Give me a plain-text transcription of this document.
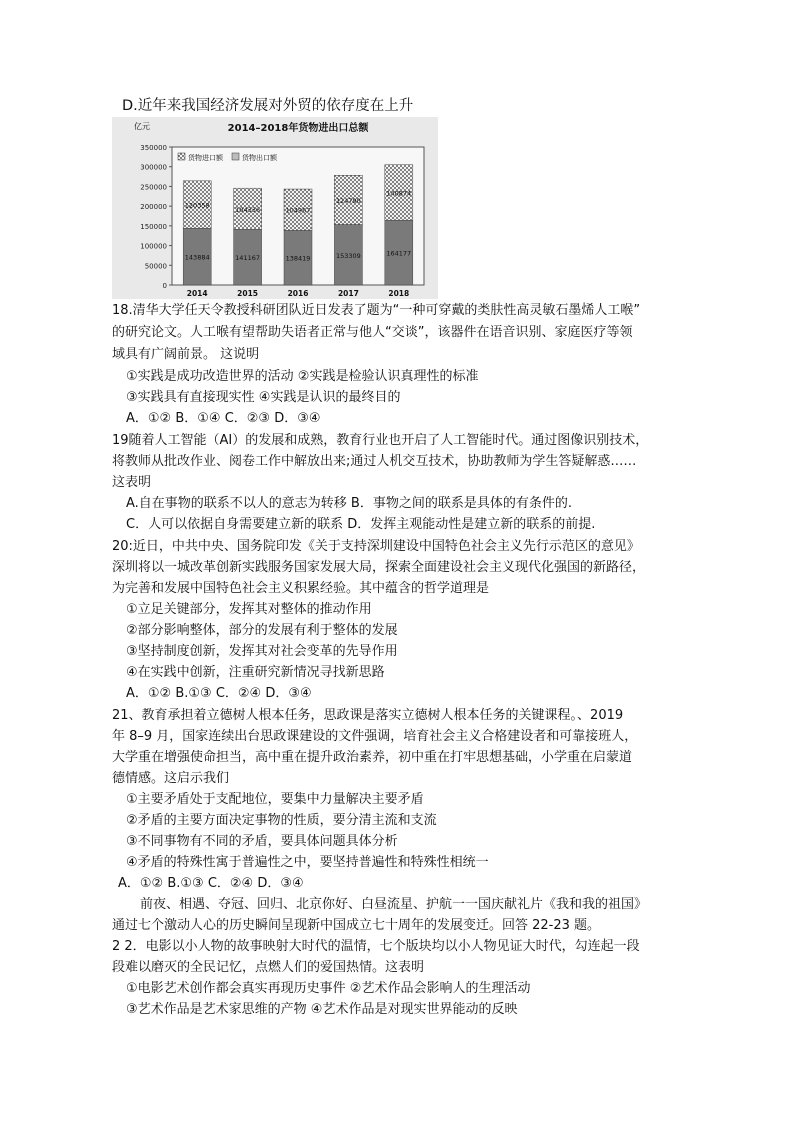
D.近年来我国经济发展对外贸的依存度在上升
2014–2018年货物进出口总额
亿元
0
50000
100000
150000
200000
250000
300000
350000
货物进口额	货物出口额
143884
120358
2014
141167
104336
2015
138419
104967
2016
153309
124790
2017
164177
140874
2018
18.清华大学任天令教授科研团队近日发表了题为“一种可穿戴的类肤性高灵敏石墨烯人工喉”
的研究论文。人工喉有望帮助失语者正常与他人“交谈”，该器件在语音识别、家庭医疗等领
域具有广阔前景。 这说明
①实践是成功改造世界的活动 ②实践是检验认识真理性的标准
③实践具有直接现实性 ④实践是认识的最终目的
A．①② B．①④ C．②③ D．③④
19随着人工智能（AI）的发展和成熟，教育行业也开启了人工智能时代。通过图像识别技术，
将教师从批改作业、阅卷工作中解放出来;通过人机交互技术，协助教师为学生答疑解惑……
这表明
A.自在事物的联系不以人的意志为转移 B．事物之间的联系是具体的有条件的.
C．人可以依据自身需要建立新的联系 D．发挥主观能动性是建立新的联系的前提.
20:近日，中共中央、国务院印发《关于支持深圳建设中国特色社会主义先行示范区的意见》
深圳将以一城改革创新实践服务国家发展大局，探索全面建设社会主义现代化强国的新路径，
为完善和发展中国特色社会主义积累经验。其中蕴含的哲学道理是
①立足关键部分，发挥其对整体的推动作用
②部分影响整体，部分的发展有利于整体的发展
③坚持制度创新，发挥其对社会变革的先导作用
④在实践中创新，注重研究新情况寻找新思路
A．①② B.①③ C．②④ D．③④
21、教育承担着立德树人根本任务，思政课是落实立德树人根本任务的关键课程。、2019
年 8–9 月，国家连续出台思政课建设的文件强调，培育社会主义合格建设者和可靠接班人，
大学重在增强使命担当，高中重在提升政治素养，初中重在打牢思想基础，小学重在启蒙道
德情感。这启示我们
①主要矛盾处于支配地位，要集中力量解决主要矛盾
②矛盾的主要方面决定事物的性质，要分清主流和支流
③不同事物有不同的矛盾，要具体问题具体分析
④矛盾的特殊性寓于普遍性之中，要坚持普遍性和特殊性相统一
A．①② B.①③ C．②④ D．③④
前夜、相遇、夺冠、回归、北京你好、白昼流星、护航一一国庆献礼片《我和我的祖国》
通过七个激动人心的历史瞬间呈现新中国成立七十周年的发展变迁。回答 22-23 题。
2 2．电影以小人物的故事映射大时代的温情，七个版块均以小人物见证大时代，勾连起一段
段难以磨灭的全民记忆，点燃人们的爱国热情。这表明
①电影艺术创作都会真实再现历史事件 ②艺术作品会影响人的生理活动
③艺术作品是艺术家思维的产物 ④艺术作品是对现实世界能动的反映
